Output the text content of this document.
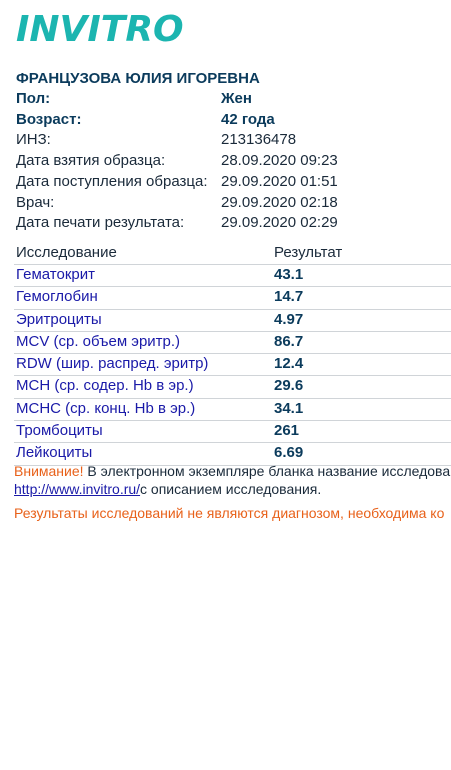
INVITRO
ФРАНЦУЗОВА ЮЛИЯ ИГОРЕВНА
Пол:	Жен
Возраст:	42 года
ИНЗ:	213136478
Дата взятия образца:	28.09.2020 09:23
Дата поступления образца: 29.09.2020 01:51
Врач:	29.09.2020 02:18
Дата печати результата: 29.09.2020 02:29
Исследование	Результат
Гематокрит	43.1
Гемоглобин	14.7
Эритроциты	4.97
MCV (ср. объем эритр.)	86.7
RDW (шир. распред. эритр)	12.4
MCH (ср. содер. Hb в эр.)	29.6
MCHC (ср. конц. Hb в эр.)	34.1
Тромбоциты	261
Лейкоциты	6.69
Внимание! В электронном экземпляре бланка название исследова
http://www.invitro.ru/с описанием исследования.
Результаты исследований не являются диагнозом, необходима ко
